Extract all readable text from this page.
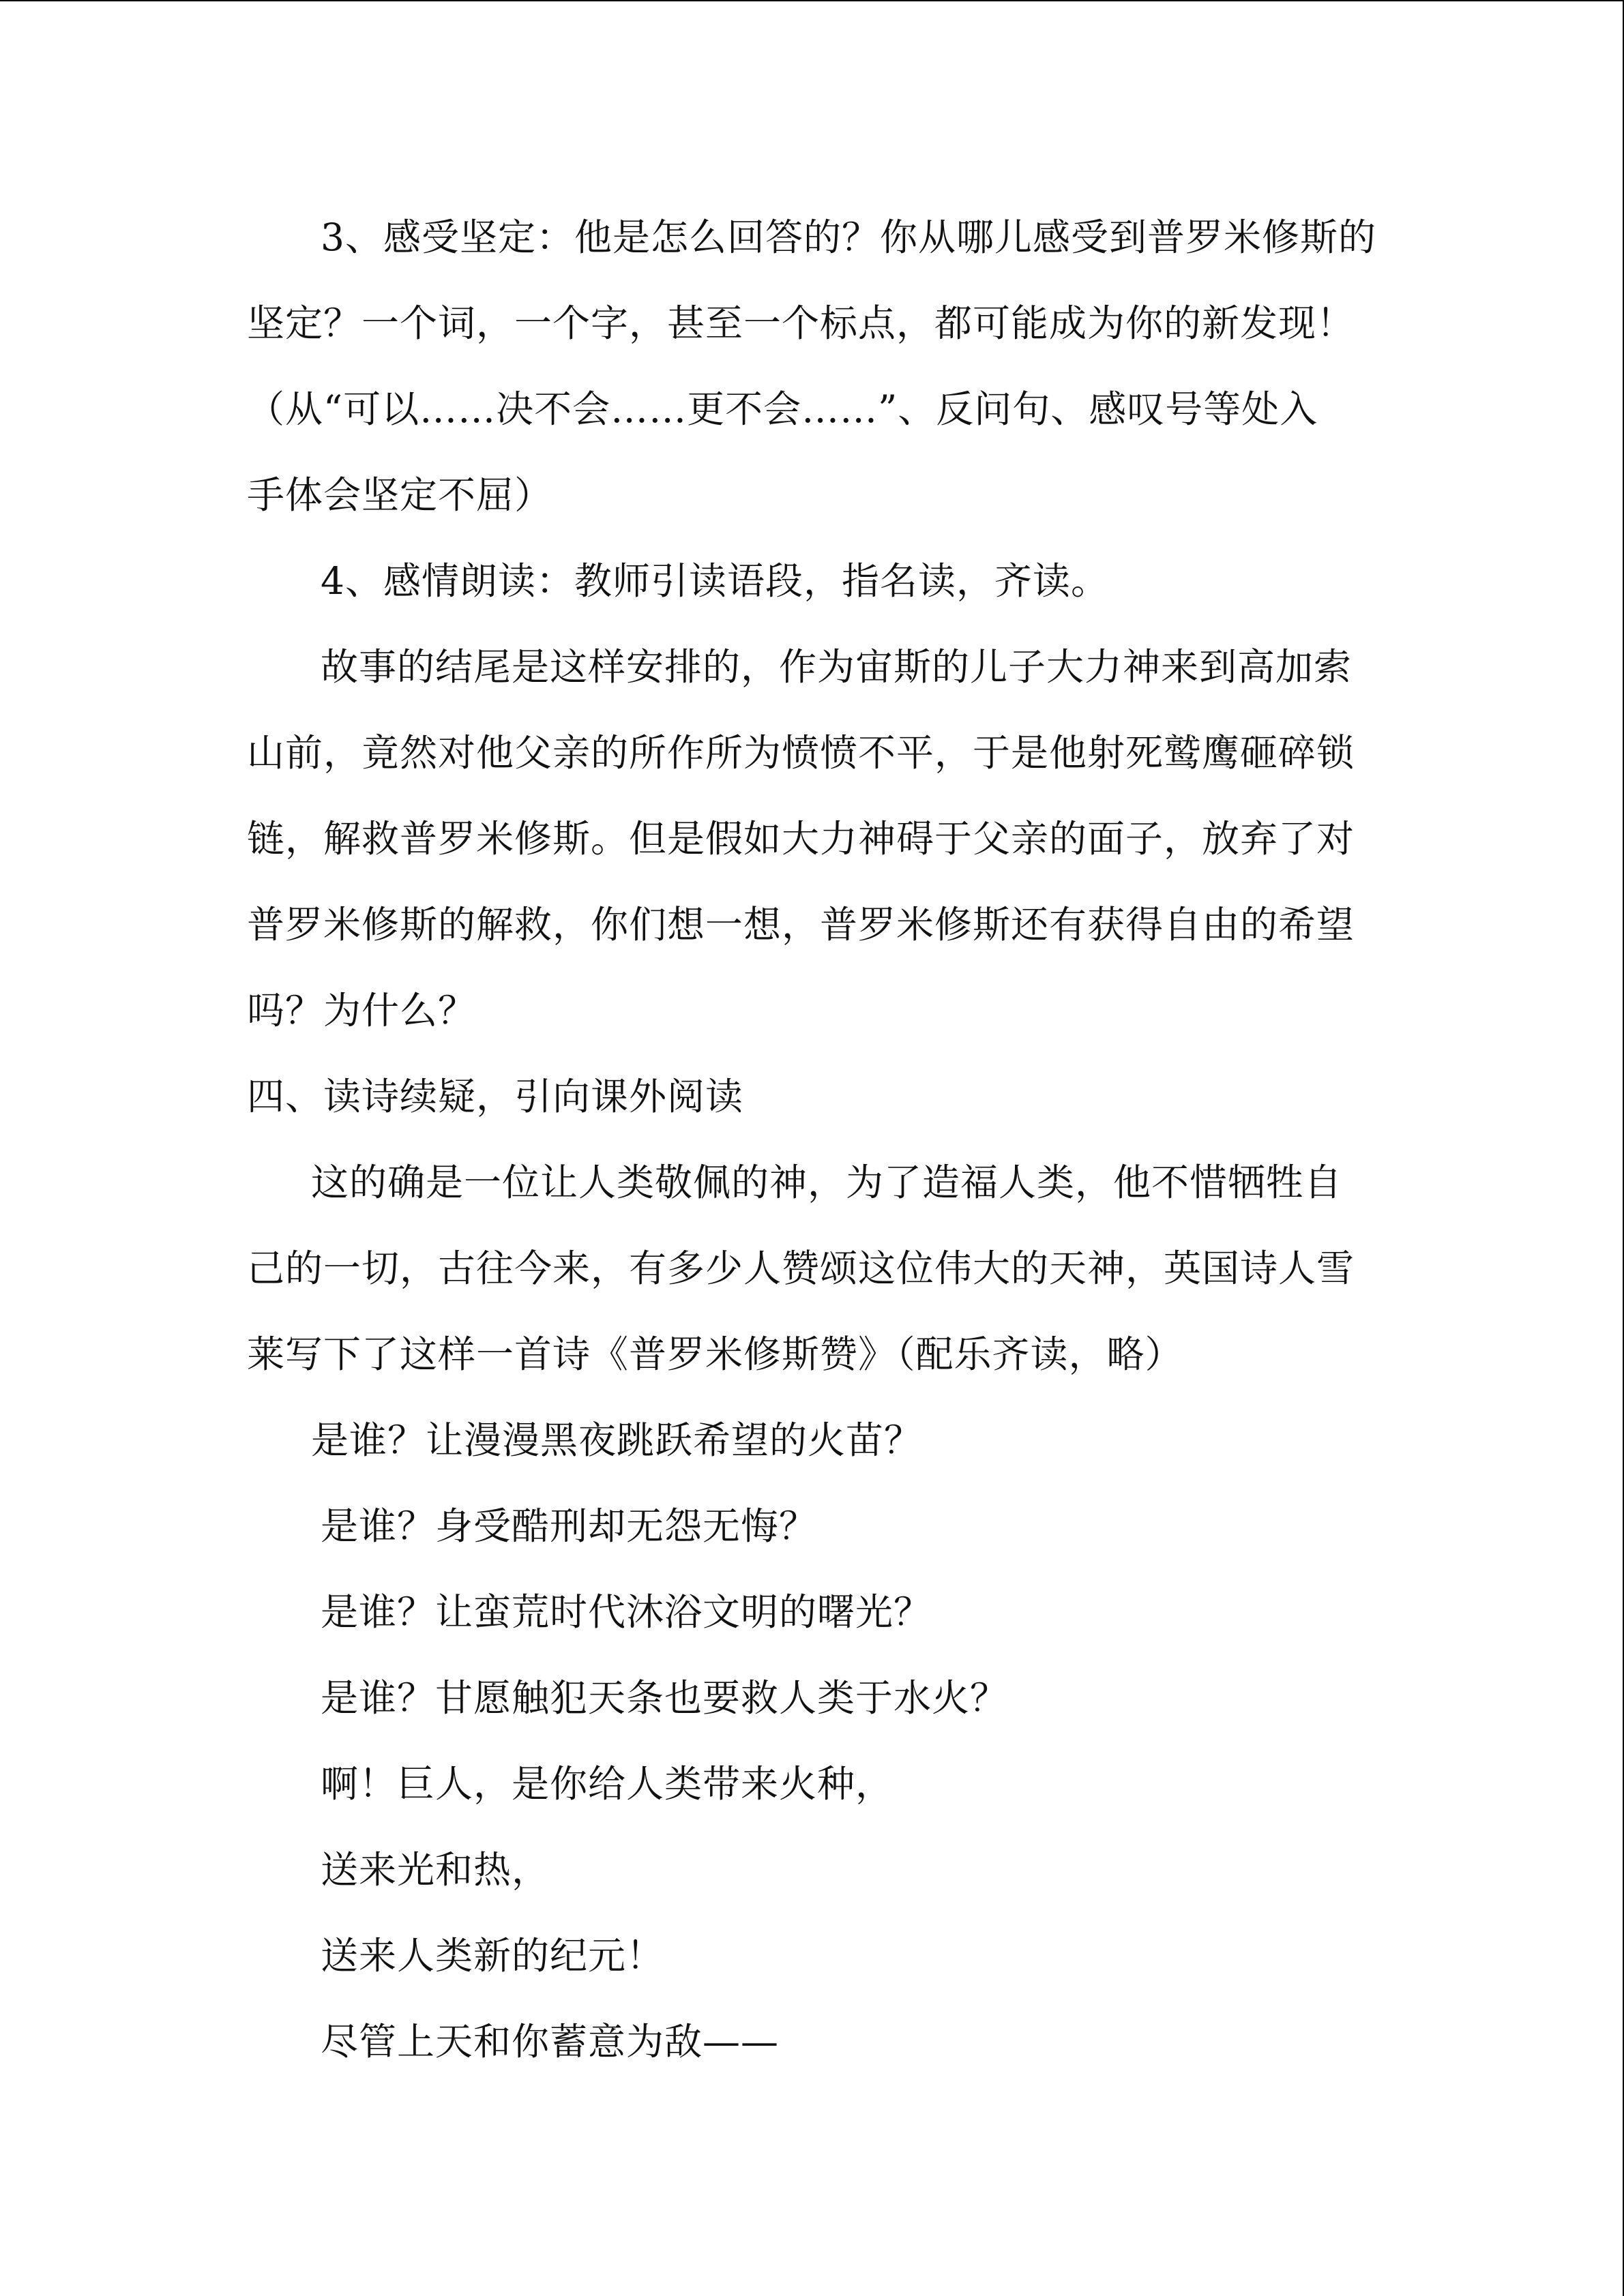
3、感受坚定：他是怎么回答的？你从哪儿感受到普罗米修斯的
坚定？一个词，一个字，甚至一个标点，都可能成为你的新发现！
（从“可以……决不会……更不会……”、反问句、感叹号等处入
手体会坚定不屈）
4、感情朗读：教师引读语段，指名读，齐读。
故事的结尾是这样安排的，作为宙斯的儿子大力神来到高加索
山前，竟然对他父亲的所作所为愤愤不平，于是他射死鹫鹰砸碎锁
链，解救普罗米修斯。但是假如大力神碍于父亲的面子，放弃了对
普罗米修斯的解救，你们想一想，普罗米修斯还有获得自由的希望
吗？为什么？
四、读诗续疑，引向课外阅读
这的确是一位让人类敬佩的神，为了造福人类，他不惜牺牲自
己的一切，古往今来，有多少人赞颂这位伟大的天神，英国诗人雪
莱写下了这样一首诗《普罗米修斯赞》（配乐齐读，略）
是谁？让漫漫黑夜跳跃希望的火苗？
是谁？身受酷刑却无怨无悔？
是谁？让蛮荒时代沐浴文明的曙光？
是谁？甘愿触犯天条也要救人类于水火？
啊！巨人，是你给人类带来火种，
送来光和热，
送来人类新的纪元！
尽管上天和你蓄意为敌——
